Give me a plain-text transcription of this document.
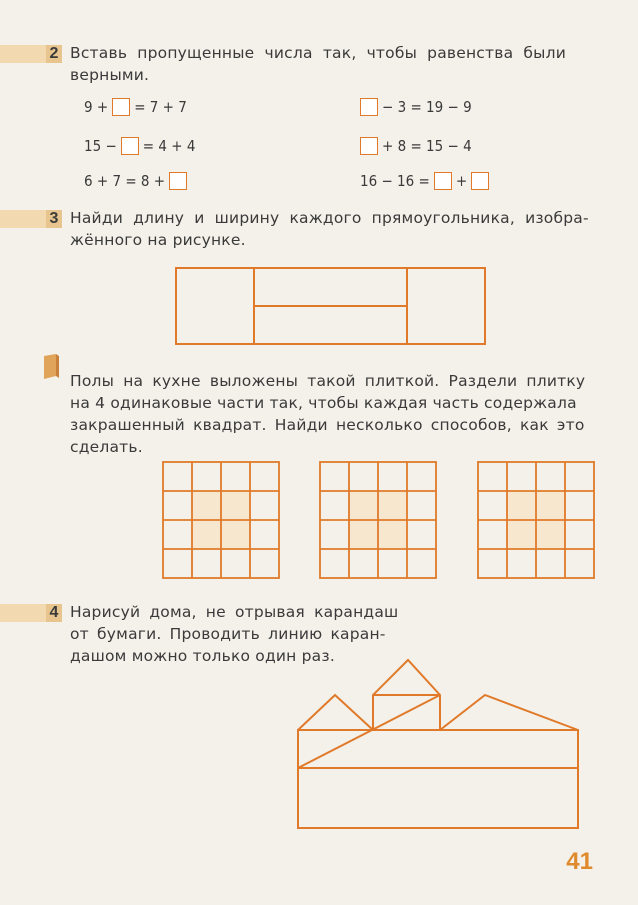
2 Вставь пропущенные числа так, чтобы равенства были
верными.
9 + = 7 + 7
15 − = 4 + 4
6 + 7 = 8 +
− 3 = 19 − 9
+ 8 = 15 − 4
16 − 16 = +
3 Найди длину и ширину каждого прямоугольника, изобра-
жённого на рисунке.
Полы на кухне выложены такой плиткой. Раздели плитку
на 4 одинаковые части так, чтобы каждая часть содержала
закрашенный квадрат. Найди несколько способов, как это
сделать.
4 Нарисуй дома, не отрывая карандаш
от бумаги. Проводить линию каран-
дашом можно только один раз.
41
